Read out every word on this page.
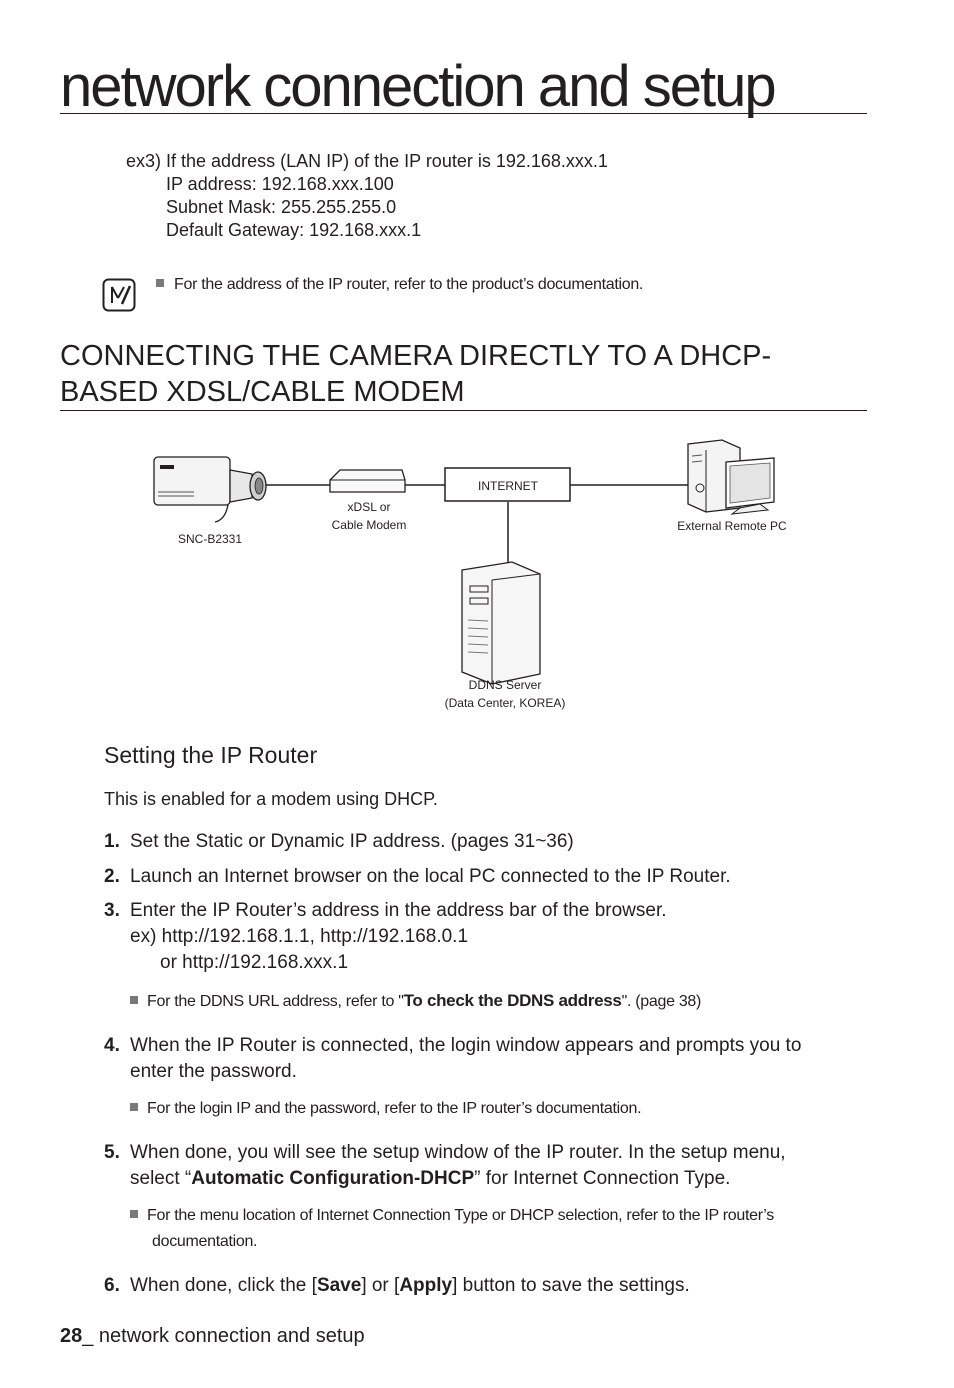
network connection and setup
ex3) If the address (LAN IP) of the IP router is 192.168.xxx.1
IP address: 192.168.xxx.100
Subnet Mask: 255.255.255.0
Default Gateway: 192.168.xxx.1
For the address of the IP router, refer to the product’s documentation.
CONNECTING THE CAMERA DIRECTLY TO A DHCP-
BASED XDSL/CABLE MODEM
SNC-B2331
xDSL or
Cable Modem
INTERNET
External Remote PC
DDNS Server
(Data Center, KOREA)
Setting the IP Router
This is enabled for a modem using DHCP.
1. Set the Static or Dynamic IP address. (pages 31~36)
2. Launch an Internet browser on the local PC connected to the IP Router.
3. Enter the IP Router’s address in the address bar of the browser.
ex) http://192.168.1.1, http://192.168.0.1
or http://192.168.xxx.1
For the DDNS URL address, refer to "To check the DDNS address". (page 38)
4. When the IP Router is connected, the login window appears and prompts you to
enter the password.
For the login IP and the password, refer to the IP router’s documentation.
5. When done, you will see the setup window of the IP router. In the setup menu,
select “Automatic Configuration-DHCP” for Internet Connection Type.
For the menu location of Internet Connection Type or DHCP selection, refer to the IP router’s
documentation.
6. When done, click the [Save] or [Apply] button to save the settings.
28_ network connection and setup
